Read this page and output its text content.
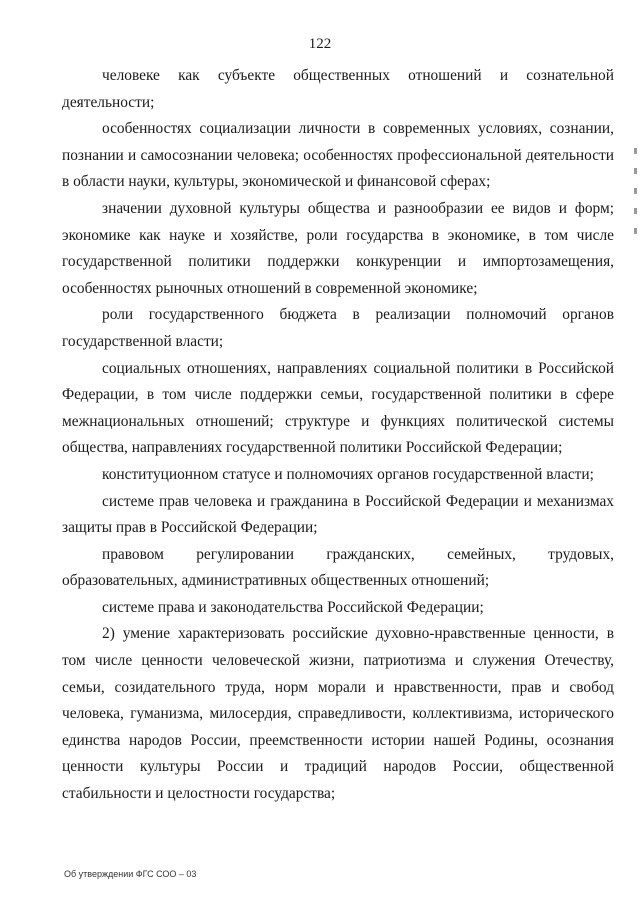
122

человеке как субъекте общественных отношений и сознательной деятельности;

особенностях социализации личности в современных условиях, сознании, познании и самосознании человека; особенностях профессиональной деятельности в области науки, культуры, экономической и финансовой сферах;

значении духовной культуры общества и разнообразии ее видов и форм; экономике как науке и хозяйстве, роли государства в экономике, в том числе государственной политики поддержки конкуренции и импортозамещения, особенностях рыночных отношений в современной экономике;

роли государственного бюджета в реализации полномочий органов государственной власти;

социальных отношениях, направлениях социальной политики в Российской Федерации, в том числе поддержки семьи, государственной политики в сфере межнациональных отношений; структуре и функциях политической системы общества, направлениях государственной политики Российской Федерации;

конституционном статусе и полномочиях органов государственной власти;

системе прав человека и гражданина в Российской Федерации и механизмах защиты прав в Российской Федерации;

правовом регулировании гражданских, семейных, трудовых, образовательных, административных общественных отношений;

системе права и законодательства Российской Федерации;

2) умение характеризовать российские духовно-нравственные ценности, в том числе ценности человеческой жизни, патриотизма и служения Отечеству, семьи, созидательного труда, норм морали и нравственности, прав и свобод человека, гуманизма, милосердия, справедливости, коллективизма, исторического единства народов России, преемственности истории нашей Родины, осознания ценности культуры России и традиций народов России, общественной стабильности и целостности государства;

Об утверждении ФГС СОО – 03
